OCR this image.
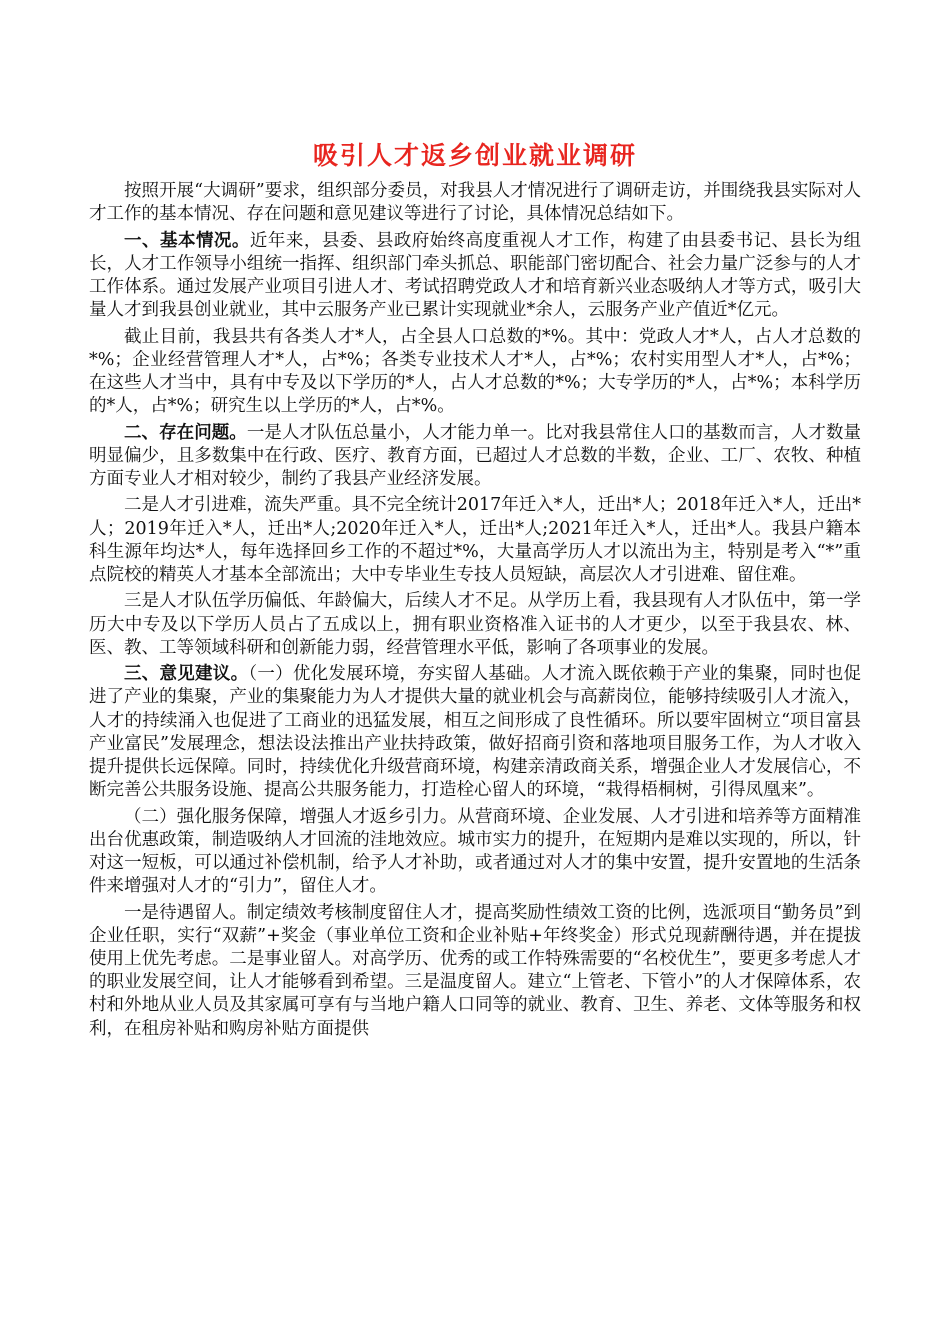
吸引人才返乡创业就业调研

按照开展“大调研”要求，组织部分委员，对我县人才情况进行了调研走访，并围绕我县实际对人才工作的基本情况、存在问题和意见建议等进行了讨论，具体情况总结如下。

一、基本情况。近年来，县委、县政府始终高度重视人才工作，构建了由县委书记、县长为组长，人才工作领导小组统一指挥、组织部门牵头抓总、职能部门密切配合、社会力量广泛参与的人才工作体系。通过发展产业项目引进人才、考试招聘党政人才和培育新兴业态吸纳人才等方式，吸引大量人才到我县创业就业，其中云服务产业已累计实现就业*余人，云服务产业产值近*亿元。

截止目前，我县共有各类人才*人，占全县人口总数的*%。其中：党政人才*人，占人才总数的*%；企业经营管理人才*人，占*%；各类专业技术人才*人，占*%；农村实用型人才*人，占*%；在这些人才当中，具有中专及以下学历的*人，占人才总数的*%；大专学历的*人，占*%；本科学历的*人，占*%；研究生以上学历的*人，占*%。

二、存在问题。一是人才队伍总量小，人才能力单一。比对我县常住人口的基数而言，人才数量明显偏少，且多数集中在行政、医疗、教育方面，已超过人才总数的半数，企业、工厂、农牧、种植方面专业人才相对较少，制约了我县产业经济发展。

二是人才引进难，流失严重。具不完全统计2017年迁入*人，迁出*人；2018年迁入*人，迁出*人；2019年迁入*人，迁出*人;2020年迁入*人，迁出*人;2021年迁入*人，迁出*人。我县户籍本科生源年均达*人，每年选择回乡工作的不超过*%，大量高学历人才以流出为主，特别是考入“*”重点院校的精英人才基本全部流出；大中专毕业生专技人员短缺，高层次人才引进难、留住难。

三是人才队伍学历偏低、年龄偏大，后续人才不足。从学历上看，我县现有人才队伍中，第一学历大中专及以下学历人员占了五成以上，拥有职业资格准入证书的人才更少，以至于我县农、林、医、教、工等领域科研和创新能力弱，经营管理水平低，影响了各项事业的发展。

三、意见建议。（一）优化发展环境，夯实留人基础。人才流入既依赖于产业的集聚，同时也促进了产业的集聚，产业的集聚能力为人才提供大量的就业机会与高薪岗位，能够持续吸引人才流入，人才的持续涌入也促进了工商业的迅猛发展，相互之间形成了良性循环。所以要牢固树立“项目富县产业富民”发展理念，想法设法推出产业扶持政策，做好招商引资和落地项目服务工作，为人才收入提升提供长远保障。同时，持续优化升级营商环境，构建亲清政商关系，增强企业人才发展信心，不断完善公共服务设施、提高公共服务能力，打造栓心留人的环境，“栽得梧桐树，引得凤凰来”。

（二）强化服务保障，增强人才返乡引力。从营商环境、企业发展、人才引进和培养等方面精准出台优惠政策，制造吸纳人才回流的洼地效应。城市实力的提升，在短期内是难以实现的，所以，针对这一短板，可以通过补偿机制，给予人才补助，或者通过对人才的集中安置，提升安置地的生活条件来增强对人才的“引力”，留住人才。

一是待遇留人。制定绩效考核制度留住人才，提高奖励性绩效工资的比例，选派项目“勤务员”到企业任职，实行“双薪”+奖金（事业单位工资和企业补贴+年终奖金）形式兑现薪酬待遇，并在提拔使用上优先考虑。二是事业留人。对高学历、优秀的或工作特殊需要的“名校优生”，要更多考虑人才的职业发展空间，让人才能够看到希望。三是温度留人。建立“上管老、下管小”的人才保障体系，农村和外地从业人员及其家属可享有与当地户籍人口同等的就业、教育、卫生、养老、文体等服务和权利，在租房补贴和购房补贴方面提供
